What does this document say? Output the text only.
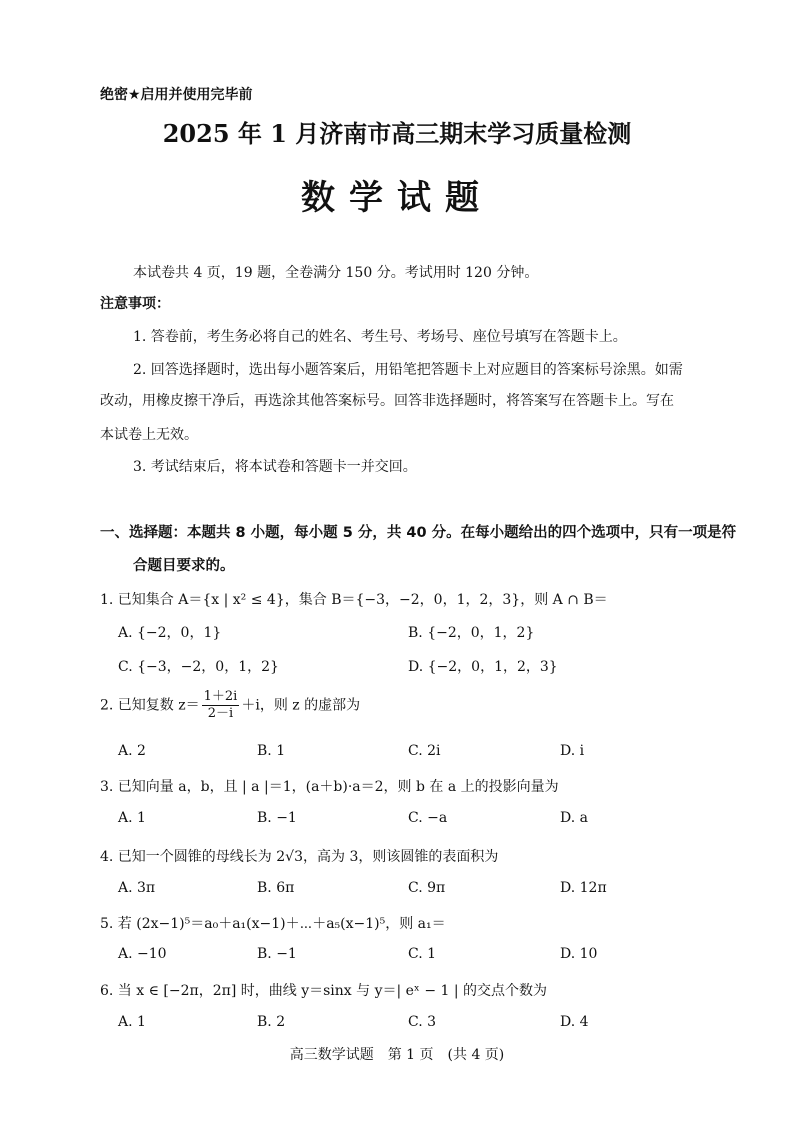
绝密★启用并使用完毕前
2025 年 1 月济南市高三期末学习质量检测
数学试题
本试卷共 4 页，19 题，全卷满分 150 分。考试用时 120 分钟。
注意事项：
1. 答卷前，考生务必将自己的姓名、考生号、考场号、座位号填写在答题卡上。
2. 回答选择题时，选出每小题答案后，用铅笔把答题卡上对应题目的答案标号涂黑。如需
改动，用橡皮擦干净后，再选涂其他答案标号。回答非选择题时，将答案写在答题卡上。写在
本试卷上无效。
3. 考试结束后，将本试卷和答题卡一并交回。
一、选择题：本题共 8 小题，每小题 5 分，共 40 分。在每小题给出的四个选项中，只有一项是符
合题目要求的。
1. 已知集合 A＝{x | x² ≤ 4}，集合 B＝{−3，−2，0，1，2，3}，则 A ∩ B＝
A. {−2，0，1}	B. {−2，0，1，2}
C. {−3，−2，0，1，2}	D. {−2，0，1，2，3}
2. 已知复数 $z= \frac{1+2i}{2-i} +i$，则 z 的虚部为
A. 2	B. 1	C. 2i	D. i
3. 已知向量 a，b，且 | a |＝1，(a＋b)·a＝2，则 b 在 a 上的投影向量为
A. 1	B. −1	C. −a	D. a
4. 已知一个圆锥的母线长为 2√3，高为 3，则该圆锥的表面积为
A. 3π	B. 6π	C. 9π	D. 12π
5. 若 (2x−1)⁵＝a₀＋a₁(x−1)＋⋯＋a₅(x−1)⁵，则 a₁＝
A. −10	B. −1	C. 1	D. 10
6. 当 x ∈ [−2π，2π] 时，曲线 y＝sinx 与 y＝| eˣ − 1 | 的交点个数为
A. 1	B. 2	C. 3	D. 4
高三数学试题　第 1 页　(共 4 页)
